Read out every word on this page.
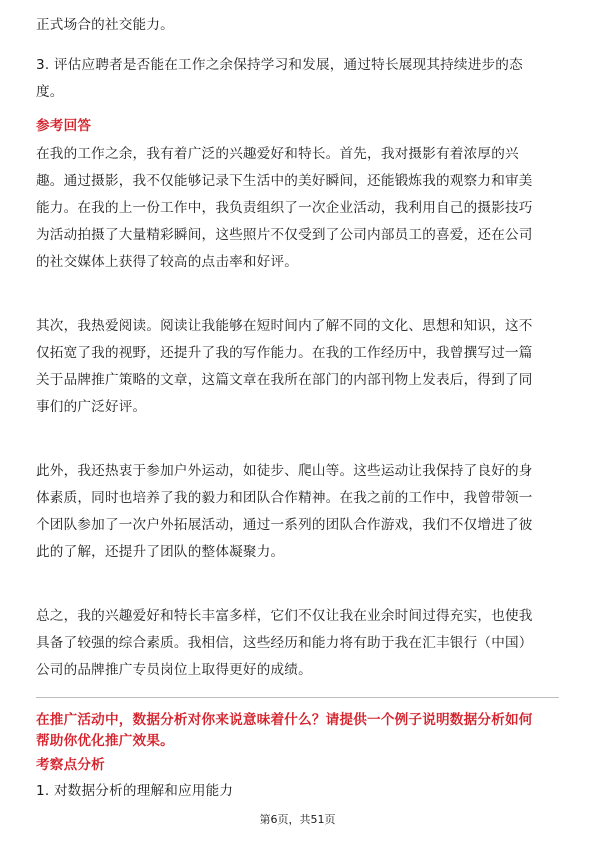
正式场合的社交能力。
3. 评估应聘者是否能在工作之余保持学习和发展，通过特长展现其持续进步的态
度。
参考回答
在我的工作之余，我有着广泛的兴趣爱好和特长。首先，我对摄影有着浓厚的兴
趣。通过摄影，我不仅能够记录下生活中的美好瞬间，还能锻炼我的观察力和审美
能力。在我的上一份工作中，我负责组织了一次企业活动，我利用自己的摄影技巧
为活动拍摄了大量精彩瞬间，这些照片不仅受到了公司内部员工的喜爱，还在公司
的社交媒体上获得了较高的点击率和好评。
其次，我热爱阅读。阅读让我能够在短时间内了解不同的文化、思想和知识，这不
仅拓宽了我的视野，还提升了我的写作能力。在我的工作经历中，我曾撰写过一篇
关于品牌推广策略的文章，这篇文章在我所在部门的内部刊物上发表后，得到了同
事们的广泛好评。
此外，我还热衷于参加户外运动，如徒步、爬山等。这些运动让我保持了良好的身
体素质，同时也培养了我的毅力和团队合作精神。在我之前的工作中，我曾带领一
个团队参加了一次户外拓展活动，通过一系列的团队合作游戏，我们不仅增进了彼
此的了解，还提升了团队的整体凝聚力。
总之，我的兴趣爱好和特长丰富多样，它们不仅让我在业余时间过得充实，也使我
具备了较强的综合素质。我相信，这些经历和能力将有助于我在汇丰银行（中国）
公司的品牌推广专员岗位上取得更好的成绩。
在推广活动中，数据分析对你来说意味着什么？请提供一个例子说明数据分析如何
帮助你优化推广效果。
考察点分析
1. 对数据分析的理解和应用能力
第6页，共51页
